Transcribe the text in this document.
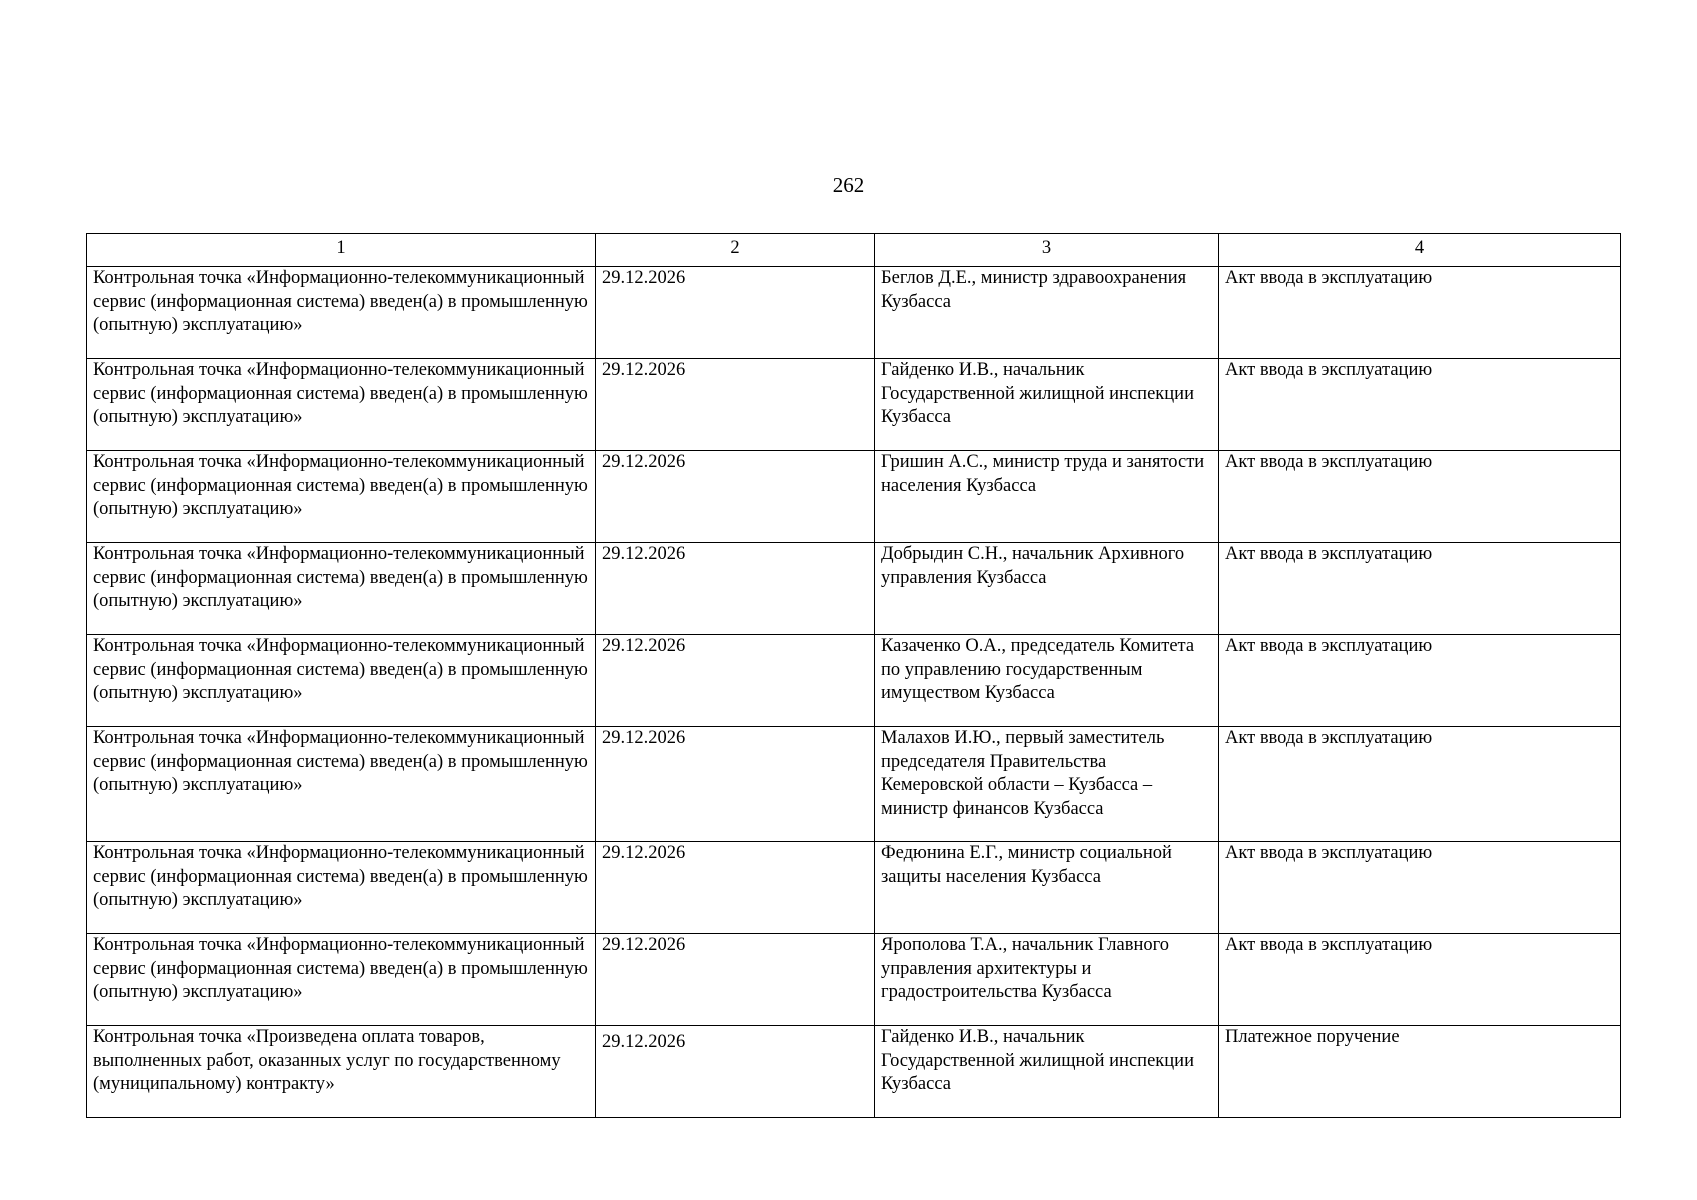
262
1	2	3	4
Контрольная точка «Информационно-телекоммуникационный сервис (информационная система) введен(а) в промышленную (опытную) эксплуатацию»	29.12.2026	Беглов Д.Е., министр здравоохранения Кузбасса	Акт ввода в эксплуатацию
Контрольная точка «Информационно-телекоммуникационный сервис (информационная система) введен(а) в промышленную (опытную) эксплуатацию»	29.12.2026	Гайденко И.В., начальник Государственной жилищной инспекции Кузбасса	Акт ввода в эксплуатацию
Контрольная точка «Информационно-телекоммуникационный сервис (информационная система) введен(а) в промышленную (опытную) эксплуатацию»	29.12.2026	Гришин А.С., министр труда и занятости населения Кузбасса	Акт ввода в эксплуатацию
Контрольная точка «Информационно-телекоммуникационный сервис (информационная система) введен(а) в промышленную (опытную) эксплуатацию»	29.12.2026	Добрыдин С.Н., начальник Архивного управления Кузбасса	Акт ввода в эксплуатацию
Контрольная точка «Информационно-телекоммуникационный сервис (информационная система) введен(а) в промышленную (опытную) эксплуатацию»	29.12.2026	Казаченко О.А., председатель Комитета по управлению государственным имуществом Кузбасса	Акт ввода в эксплуатацию
Контрольная точка «Информационно-телекоммуникационный сервис (информационная система) введен(а) в промышленную (опытную) эксплуатацию»	29.12.2026	Малахов И.Ю., первый заместитель председателя Правительства Кемеровской области – Кузбасса – министр финансов Кузбасса	Акт ввода в эксплуатацию
Контрольная точка «Информационно-телекоммуникационный сервис (информационная система) введен(а) в промышленную (опытную) эксплуатацию»	29.12.2026	Федюнина Е.Г., министр социальной защиты населения Кузбасса	Акт ввода в эксплуатацию
Контрольная точка «Информационно-телекоммуникационный сервис (информационная система) введен(а) в промышленную (опытную) эксплуатацию»	29.12.2026	Ярополова Т.А., начальник Главного управления архитектуры и градостроительства Кузбасса	Акт ввода в эксплуатацию
Контрольная точка «Произведена оплата товаров, выполненных работ, оказанных услуг по государственному (муниципальному) контракту»	29.12.2026	Гайденко И.В., начальник Государственной жилищной инспекции Кузбасса	Платежное поручение
